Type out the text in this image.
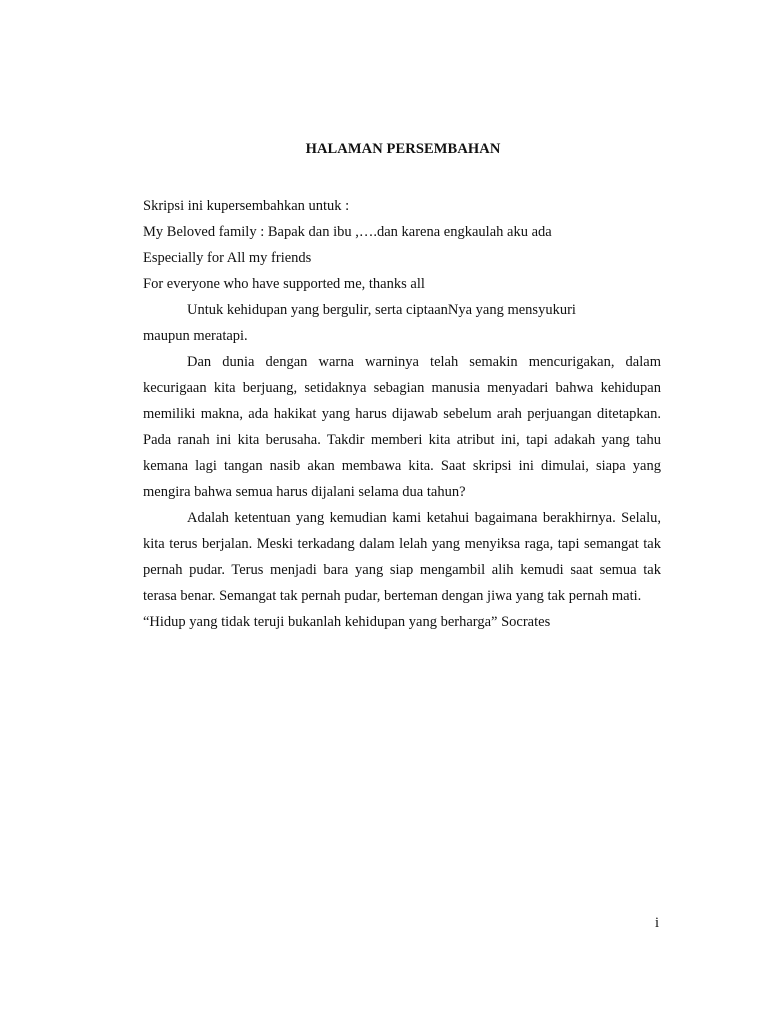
HALAMAN PERSEMBAHAN
Skripsi ini kupersembahkan untuk :
My Beloved family : Bapak dan ibu ,….dan karena engkaulah aku ada
Especially for All my friends
For everyone who have supported me, thanks all
Untuk kehidupan yang bergulir, serta ciptaanNya yang mensyukuri
maupun meratapi.

Dan dunia dengan warna warninya telah semakin mencurigakan, dalam kecurigaan kita berjuang, setidaknya sebagian manusia menyadari bahwa kehidupan memiliki makna, ada hakikat yang harus dijawab sebelum arah perjuangan ditetapkan. Pada ranah ini kita berusaha. Takdir memberi kita atribut ini, tapi adakah yang tahu kemana lagi tangan nasib akan membawa kita. Saat skripsi ini dimulai, siapa yang mengira bahwa semua harus dijalani selama dua tahun?

Adalah ketentuan yang kemudian kami ketahui bagaimana berakhirnya. Selalu, kita terus berjalan. Meski terkadang dalam lelah yang menyiksa raga, tapi semangat tak pernah pudar. Terus menjadi bara yang siap mengambil alih kemudi saat semua tak terasa benar. Semangat tak pernah pudar, berteman dengan jiwa yang tak pernah mati.

“Hidup yang tidak teruji bukanlah kehidupan yang berharga” Socrates
i
